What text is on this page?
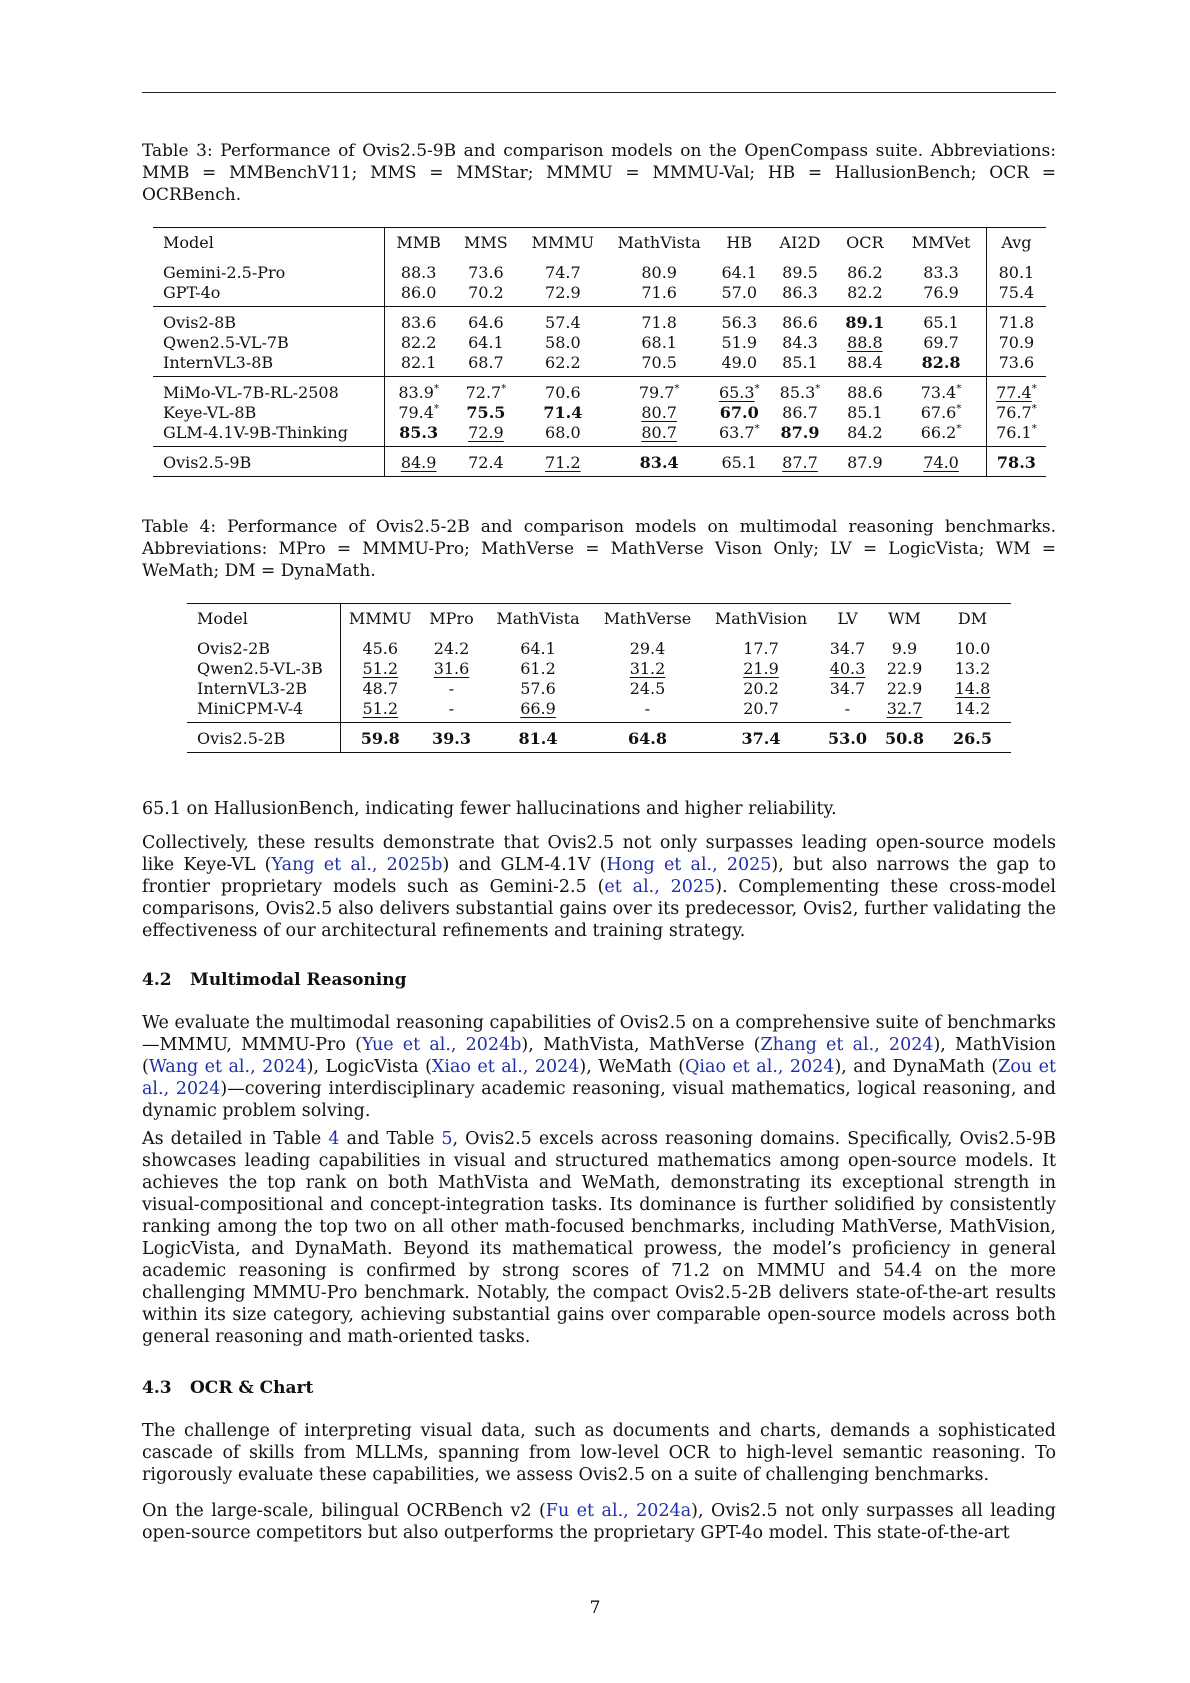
Table 3: Performance of Ovis2.5-9B and comparison models on the OpenCompass suite. Abbreviations: MMB = MMBenchV11; MMS = MMStar; MMMU = MMMU-Val; HB = HallusionBench; OCR = OCRBench.
Model	MMB	MMS	MMMU	MathVista	HB	AI2D	OCR	MMVet	Avg
Gemini-2.5-Pro	88.3	73.6	74.7	80.9	64.1	89.5	86.2	83.3	80.1
GPT-4o	86.0	70.2	72.9	71.6	57.0	86.3	82.2	76.9	75.4
Ovis2-8B	83.6	64.6	57.4	71.8	56.3	86.6	89.1	65.1	71.8
Qwen2.5-VL-7B	82.2	64.1	58.0	68.1	51.9	84.3	88.8	69.7	70.9
InternVL3-8B	82.1	68.7	62.2	70.5	49.0	85.1	88.4	82.8	73.6
MiMo-VL-7B-RL-2508	83.9*	72.7*	70.6	79.7*	65.3*	85.3*	88.6	73.4*	77.4*
Keye-VL-8B	79.4*	75.5	71.4	80.7	67.0	86.7	85.1	67.6*	76.7*
GLM-4.1V-9B-Thinking	85.3	72.9	68.0	80.7	63.7*	87.9	84.2	66.2*	76.1*
Ovis2.5-9B	84.9	72.4	71.2	83.4	65.1	87.7	87.9	74.0	78.3
Table 4: Performance of Ovis2.5-2B and comparison models on multimodal reasoning benchmarks. Abbreviations: MPro = MMMU-Pro; MathVerse = MathVerse Vison Only; LV = LogicVista; WM = WeMath; DM = DynaMath.
Model	MMMU	MPro	MathVista	MathVerse	MathVision	LV	WM	DM
Ovis2-2B	45.6	24.2	64.1	29.4	17.7	34.7	9.9	10.0
Qwen2.5-VL-3B	51.2	31.6	61.2	31.2	21.9	40.3	22.9	13.2
InternVL3-2B	48.7	-	57.6	24.5	20.2	34.7	22.9	14.8
MiniCPM-V-4	51.2	-	66.9	-	20.7	-	32.7	14.2
Ovis2.5-2B	59.8	39.3	81.4	64.8	37.4	53.0	50.8	26.5

65.1 on HallusionBench, indicating fewer hallucinations and higher reliability.

Collectively, these results demonstrate that Ovis2.5 not only surpasses leading open-source models like Keye-VL (Yang et al., 2025b) and GLM-4.1V (Hong et al., 2025), but also narrows the gap to frontier proprietary models such as Gemini-2.5 (et al., 2025). Complementing these cross-model comparisons, Ovis2.5 also delivers substantial gains over its predecessor, Ovis2, further validating the effectiveness of our architectural refinements and training strategy.

4.2 Multimodal Reasoning

We evaluate the multimodal reasoning capabilities of Ovis2.5 on a comprehensive suite of benchmarks—MMMU, MMMU-Pro (Yue et al., 2024b), MathVista, MathVerse (Zhang et al., 2024), MathVision (Wang et al., 2024), LogicVista (Xiao et al., 2024), WeMath (Qiao et al., 2024), and DynaMath (Zou et al., 2024)—covering interdisciplinary academic reasoning, visual mathematics, logical reasoning, and dynamic problem solving.

As detailed in Table 4 and Table 5, Ovis2.5 excels across reasoning domains. Specifically, Ovis2.5-9B showcases leading capabilities in visual and structured mathematics among open-source models. It achieves the top rank on both MathVista and WeMath, demonstrating its exceptional strength in visual-compositional and concept-integration tasks. Its dominance is further solidified by consistently ranking among the top two on all other math-focused benchmarks, including MathVerse, MathVision, LogicVista, and DynaMath. Beyond its mathematical prowess, the model’s proficiency in general academic reasoning is confirmed by strong scores of 71.2 on MMMU and 54.4 on the more challenging MMMU-Pro benchmark. Notably, the compact Ovis2.5-2B delivers state-of-the-art results within its size category, achieving substantial gains over comparable open-source models across both general reasoning and math-oriented tasks.

4.3 OCR & Chart

The challenge of interpreting visual data, such as documents and charts, demands a sophisticated cascade of skills from MLLMs, spanning from low-level OCR to high-level semantic reasoning. To rigorously evaluate these capabilities, we assess Ovis2.5 on a suite of challenging benchmarks.

On the large-scale, bilingual OCRBench v2 (Fu et al., 2024a), Ovis2.5 not only surpasses all leading open-source competitors but also outperforms the proprietary GPT-4o model. This state-of-the-art

7
